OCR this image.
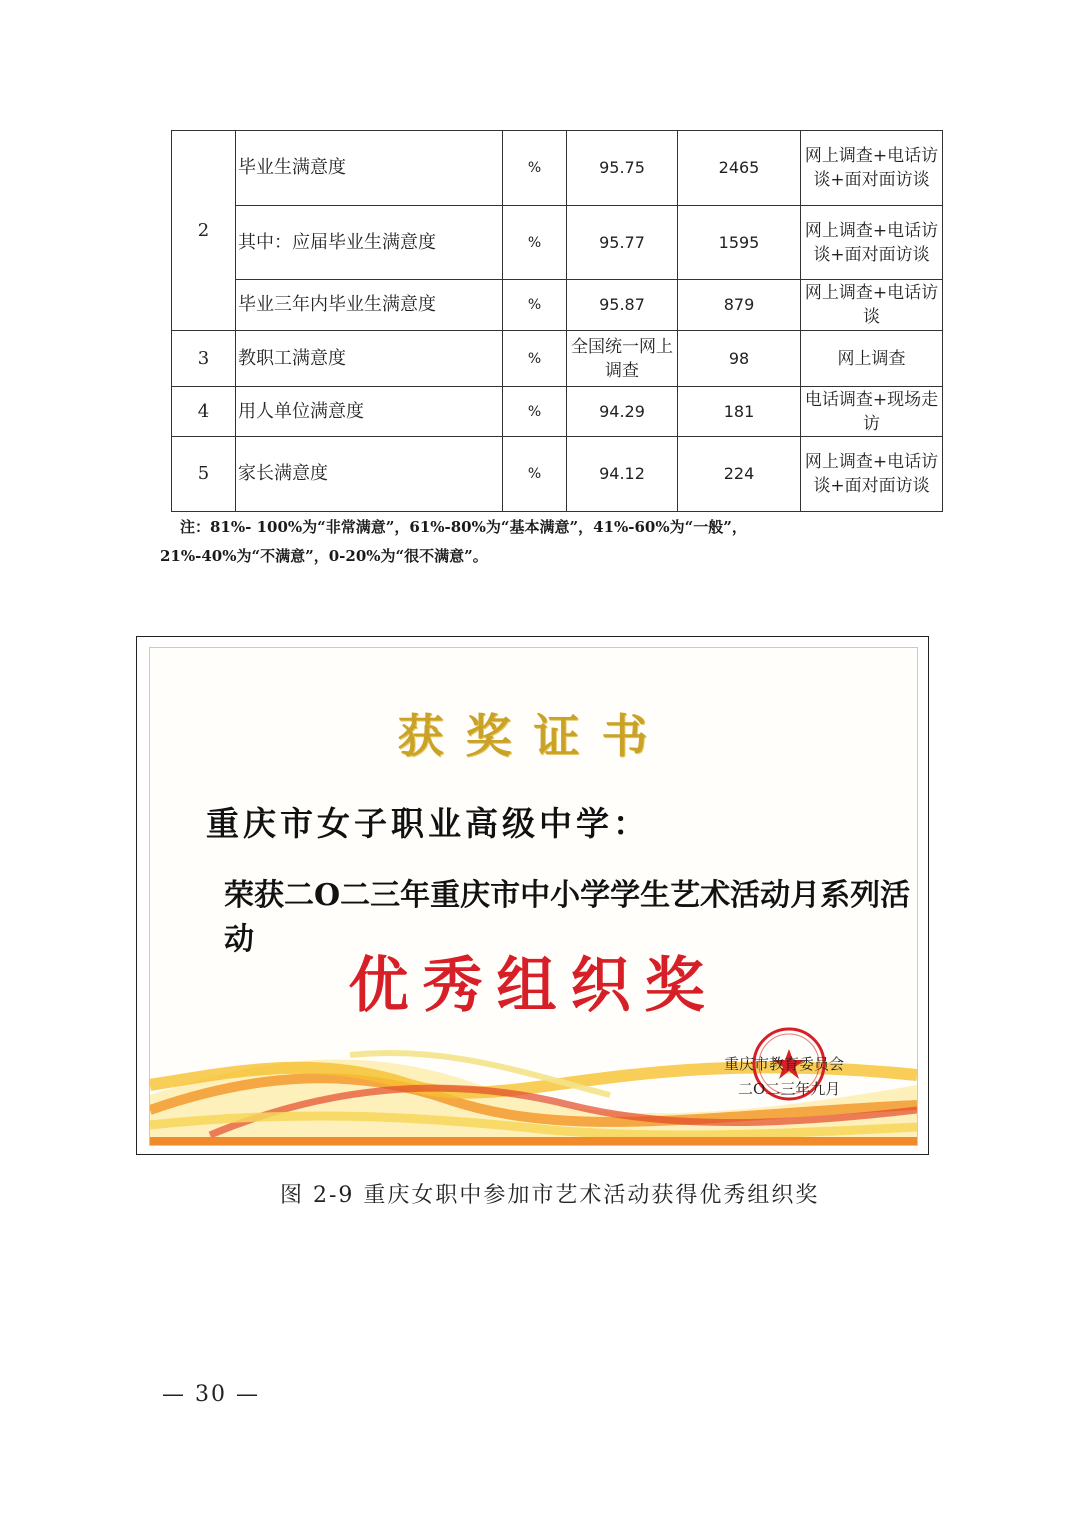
2	毕业生满意度	%	95.75	2465	网上调查+电话访谈+面对面访谈
	其中：应届毕业生满意度	%	95.77	1595	网上调查+电话访谈+面对面访谈
	毕业三年内毕业生满意度	%	95.87	879	网上调查+电话访谈
3	教职工满意度	%	全国统一网上调查	98	网上调查
4	用人单位满意度	%	94.29	181	电话调查+现场走访
5	家长满意度	%	94.12	224	网上调查+电话访谈+面对面访谈
注：81%- 100%为“非常满意”，61%-80%为“基本满意”，41%-60%为“一般”，
21%-40%为“不满意”，0-20%为“很不满意”。
获奖证书
重庆市女子职业高级中学：
荣获二O二三年重庆市中小学学生艺术活动月系列活动
优秀组织奖
重庆市教育委员会
二O二三年九月
图 2-9 重庆女职中参加市艺术活动获得优秀组织奖
— 30 —
